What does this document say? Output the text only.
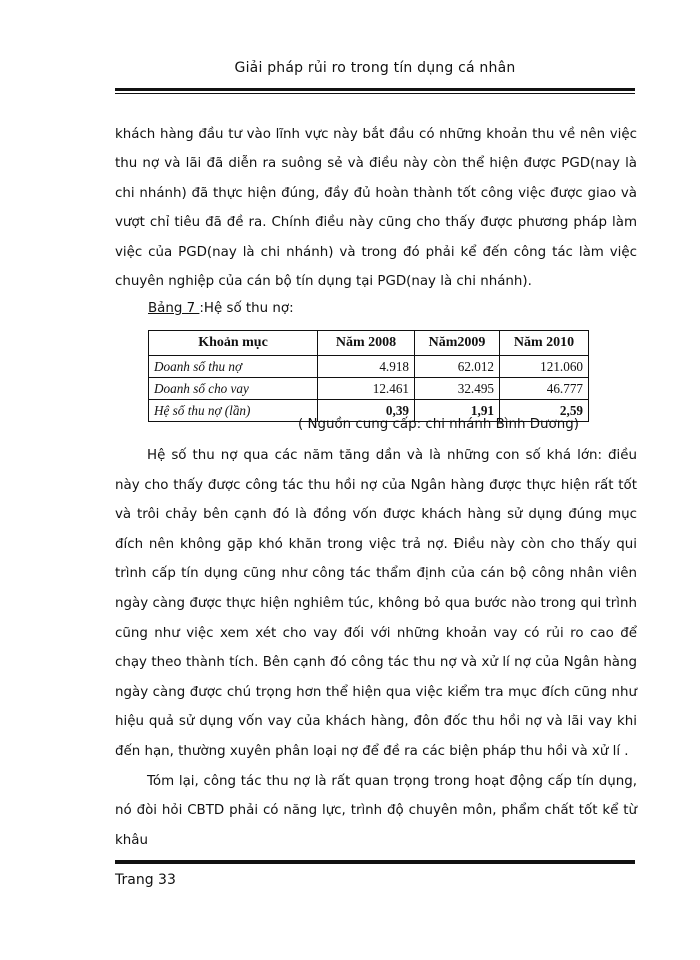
Giải pháp rủi ro trong tín dụng cá nhân

khách hàng đầu tư vào lĩnh vực này bắt đầu có những khoản thu về nên việc thu nợ và lãi đã diễn ra suông sẻ và điều này còn thể hiện được PGD(nay là chi nhánh) đã thực hiện đúng, đầy đủ hoàn thành tốt công việc được giao và vượt chỉ tiêu đã đề ra. Chính điều này cũng cho thấy được phương pháp làm việc của PGD(nay là chi nhánh) và trong đó phải kể đến công tác làm việc chuyên nghiệp của cán bộ tín dụng tại PGD(nay là chi nhánh).

Bảng 7 :Hệ số thu nợ:
Khoản mục	Năm 2008	Năm2009	Năm 2010
Doanh số thu nợ	4.918	62.012	121.060
Doanh số cho vay	12.461	32.495	46.777
Hệ số thu nợ (lần)	0,39	1,91	2,59
( Nguồn cung cấp: chi nhánh Bình Dương)

Hệ số thu nợ qua các năm tăng dần và là những con số khá lớn: điều này cho thấy được công tác thu hồi nợ của Ngân hàng được thực hiện rất tốt và trôi chảy bên cạnh đó là đồng vốn được khách hàng sử dụng đúng mục đích nên không gặp khó khăn trong việc trả nợ. Điều này còn cho thấy qui trình cấp tín dụng cũng như công tác thẩm định của cán bộ công nhân viên ngày càng được thực hiện nghiêm túc, không bỏ qua bước nào trong qui trình cũng như việc xem xét cho vay đối với những khoản vay có rủi ro cao để chạy theo thành tích. Bên cạnh đó công tác thu nợ và xử lí nợ của Ngân hàng ngày càng được chú trọng hơn thể hiện qua việc kiểm tra mục đích cũng như hiệu quả sử dụng vốn vay của khách hàng, đôn đốc thu hồi nợ và lãi vay khi đến hạn, thường xuyên phân loại nợ để đề ra các biện pháp thu hồi và xử lí .

Tóm lại, công tác thu nợ là rất quan trọng trong hoạt động cấp tín dụng, nó đòi hỏi CBTD phải có năng lực, trình độ chuyên môn, phẩm chất tốt kể từ khâu

Trang 33
